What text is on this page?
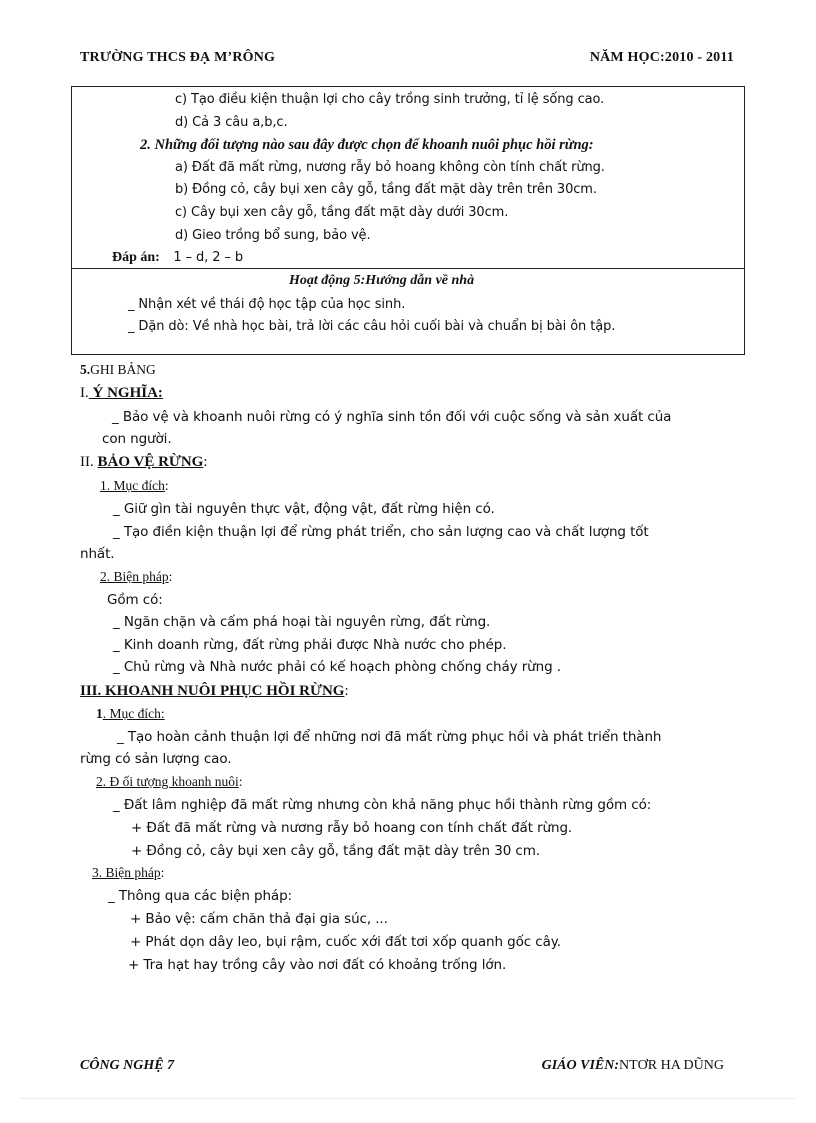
TRƯỜNG THCS ĐẠ M’RÔNG	NĂM HỌC:2010 - 2011
c) Tạo điều kiện thuận lợi cho cây trồng sinh trưởng, tỉ lệ sống cao.
d) Cả 3 câu a,b,c.
2. Những đối tượng nào sau đây được chọn để khoanh nuôi phục hồi rừng:
a) Đất đã mất rừng, nương rẫy bỏ hoang không còn tính chất rừng.
b) Đồng cỏ, cây bụi xen cây gỗ, tầng đất mặt dày trên trên 30cm.
c) Cây bụi xen cây gỗ, tầng đất mặt dày dưới 30cm.
d) Gieo trồng bổ sung, bảo vệ.
Đáp án: 1 – d, 2 – b
Hoạt động 5:Hướng dẫn về nhà
_ Nhận xét về thái độ học tập của học sinh.
_ Dặn dò: Về nhà học bài, trả lời các câu hỏi cuối bài và chuẩn bị bài ôn tập.
5.GHI BẢNG
I. Ý NGHĨA:
_ Bảo vệ và khoanh nuôi rừng có ý nghĩa sinh tồn đối với cuộc sống và sản xuất của
con người.
II. BẢO VỆ RỪNG:
1. Mục đích:
_ Giữ gìn tài nguyên thực vật, động vật, đất rừng hiện có.
_ Tạo điền kiện thuận lợi để rừng phát triển, cho sản lượng cao và chất lượng tốt
nhất.
2. Biện pháp:
Gồm có:
_ Ngăn chặn và cấm phá hoại tài nguyên rừng, đất rừng.
_ Kinh doanh rừng, đất rừng phải được Nhà nước cho phép.
_ Chủ rừng và Nhà nước phải có kế hoạch phòng chống cháy rừng .
III. KHOANH NUÔI PHỤC HỒI RỪNG:
1. Mục đích:
_ Tạo hoàn cảnh thuận lợi để những nơi đã mất rừng phục hồi và phát triển thành
rừng có sản lượng cao.
2. Đ ối tượng khoanh nuôi:
_ Đất lâm nghiệp đã mất rừng nhưng còn khả năng phục hồi thành rừng gồm có:
+ Đất đã mất rừng và nương rẫy bỏ hoang con tính chất đất rừng.
+ Đồng cỏ, cây bụi xen cây gỗ, tầng đất mặt dày trên 30 cm.
3. Biện pháp:
_ Thông qua các biện pháp:
+ Bảo vệ: cấm chăn thả đại gia súc, ...
+ Phát dọn dây leo, bụi rậm, cuốc xới đất tơi xốp quanh gốc cây.
+ Tra hạt hay trồng cây vào nơi đất có khoảng trống lớn.
CÔNG NGHỆ 7	GIÁO VIÊN:NTƠR HA DŨNG
